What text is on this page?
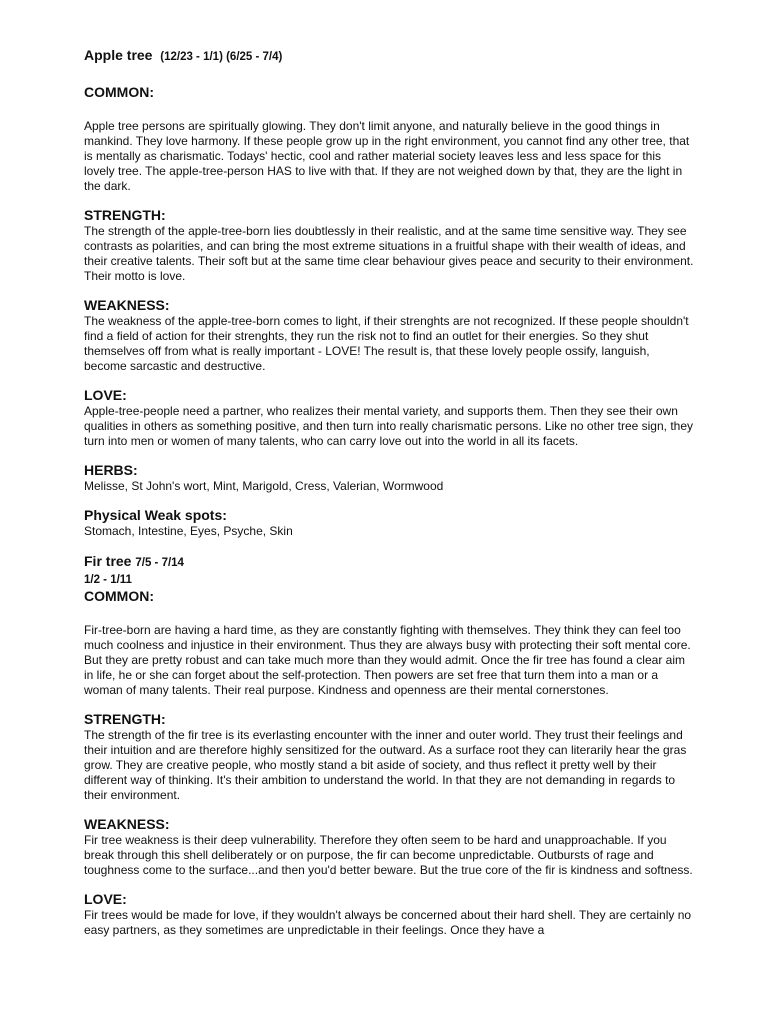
Apple tree (12/23 - 1/1) (6/25 - 7/4)
COMMON:

Apple tree persons are spiritually glowing. They don't limit anyone, and naturally believe in the good things in mankind. They love harmony. If these people grow up in the right environment, you cannot find any other tree, that is mentally as charismatic. Todays' hectic, cool and rather material society leaves less and less space for this lovely tree. The apple-tree-person HAS to live with that. If they are not weighed down by that, they are the light in the dark.

STRENGTH:

The strength of the apple-tree-born lies doubtlessly in their realistic, and at the same time sensitive way. They see contrasts as polarities, and can bring the most extreme situations in a fruitful shape with their wealth of ideas, and their creative talents. Their soft but at the same time clear behaviour gives peace and security to their environment. Their motto is love.

WEAKNESS:

The weakness of the apple-tree-born comes to light, if their strenghts are not recognized. If these people shouldn't find a field of action for their strenghts, they run the risk not to find an outlet for their energies. So they shut themselves off from what is really important - LOVE! The result is, that these lovely people ossify, languish, become sarcastic and destructive.

LOVE:

Apple-tree-people need a partner, who realizes their mental variety, and supports them. Then they see their own qualities in others as something positive, and then turn into really charismatic persons. Like no other tree sign, they turn into men or women of many talents, who can carry love out into the world in all its facets.

HERBS:

Melisse, St John's wort, Mint, Marigold, Cress, Valerian, Wormwood

Physical Weak spots:

Stomach, Intestine, Eyes, Psyche, Skin

Fir tree 7/5 - 7/14
1/2 - 1/11
COMMON:

Fir-tree-born are having a hard time, as they are constantly fighting with themselves. They think they can feel too much coolness and injustice in their environment. Thus they are always busy with protecting their soft mental core. But they are pretty robust and can take much more than they would admit. Once the fir tree has found a clear aim in life, he or she can forget about the self-protection. Then powers are set free that turn them into a man or a woman of many talents. Their real purpose. Kindness and openness are their mental cornerstones.

STRENGTH:

The strength of the fir tree is its everlasting encounter with the inner and outer world. They trust their feelings and their intuition and are therefore highly sensitized for the outward. As a surface root they can literarily hear the gras grow. They are creative people, who mostly stand a bit aside of society, and thus reflect it pretty well by their different way of thinking. It's their ambition to understand the world. In that they are not demanding in regards to their environment.

WEAKNESS:

Fir tree weakness is their deep vulnerability. Therefore they often seem to be hard and unapproachable. If you break through this shell deliberately or on purpose, the fir can become unpredictable. Outbursts of rage and toughness come to the surface...and then you'd better beware. But the true core of the fir is kindness and softness.

LOVE:

Fir trees would be made for love, if they wouldn't always be concerned about their hard shell. They are certainly no easy partners, as they sometimes are unpredictable in their feelings. Once they have a
